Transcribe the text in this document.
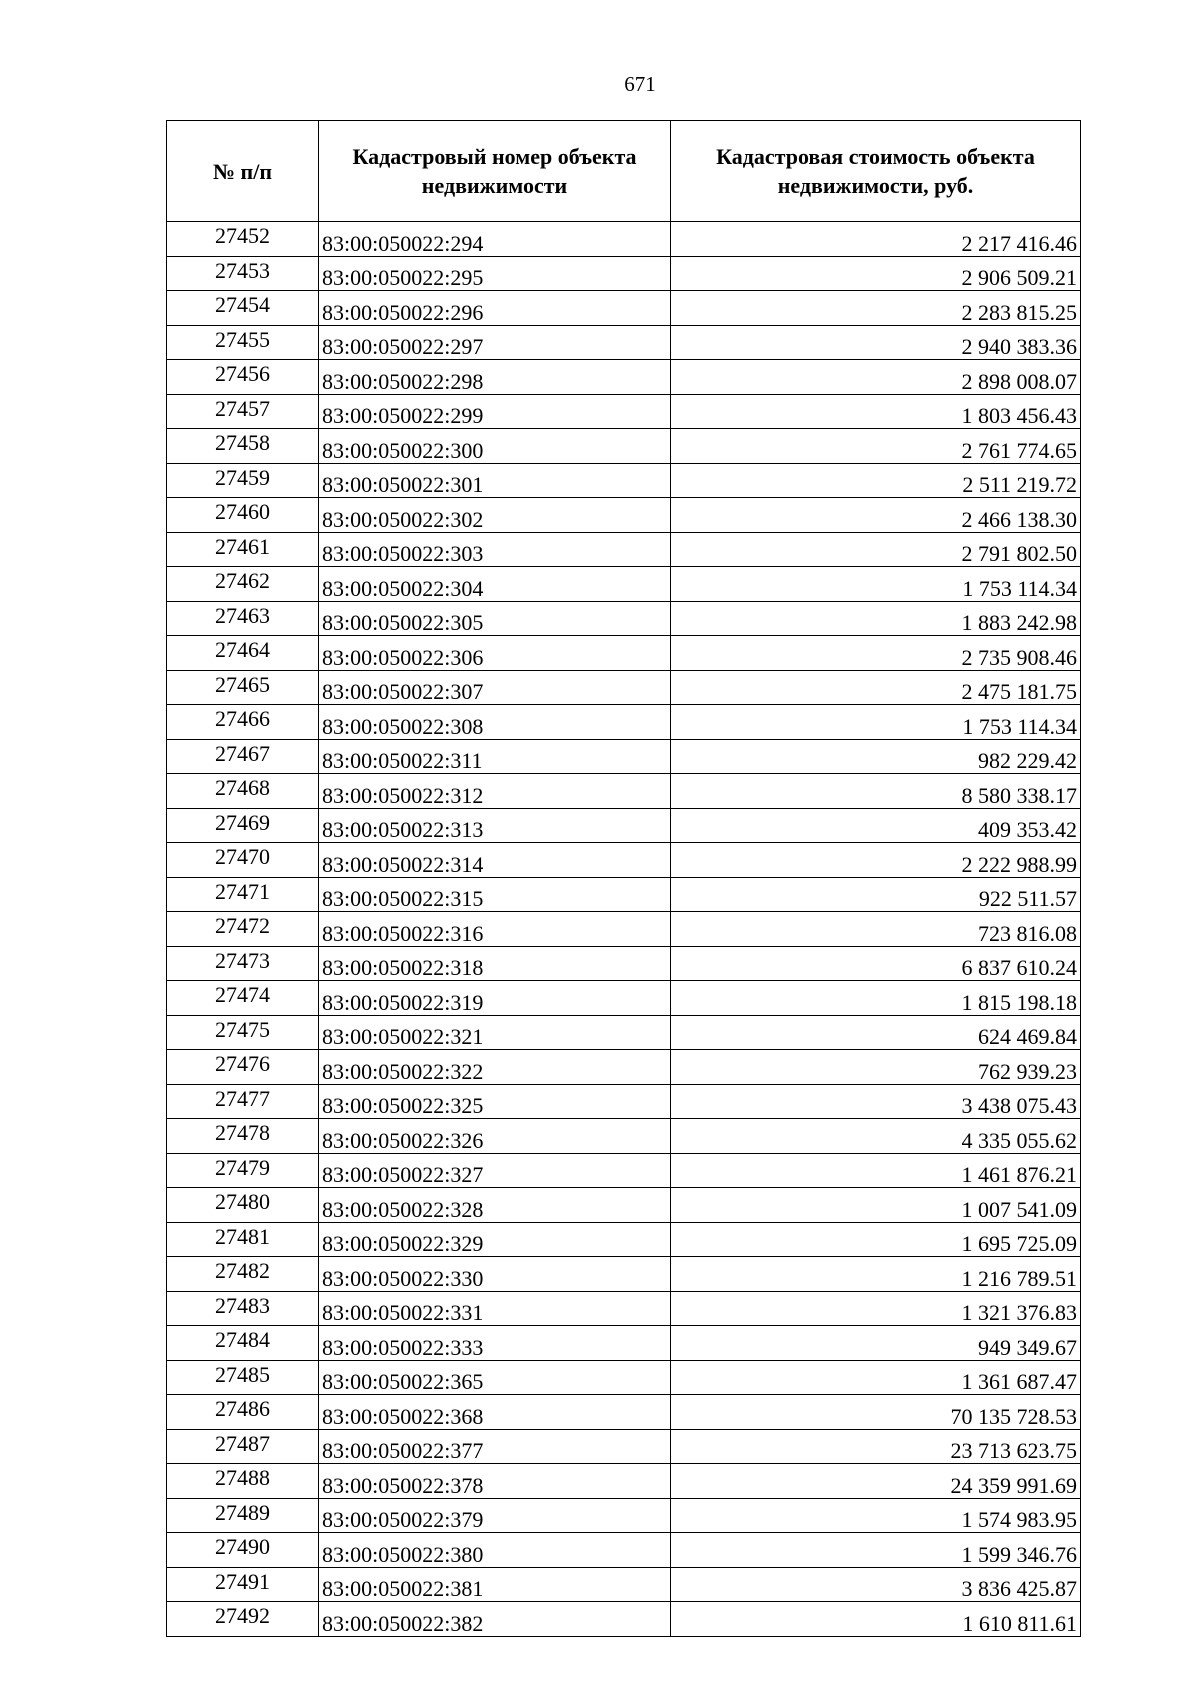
671
№ п/п	Кадастровый номер объекта недвижимости	Кадастровая стоимость объекта недвижимости, руб.
27452	83:00:050022:294	2 217 416.46
27453	83:00:050022:295	2 906 509.21
27454	83:00:050022:296	2 283 815.25
27455	83:00:050022:297	2 940 383.36
27456	83:00:050022:298	2 898 008.07
27457	83:00:050022:299	1 803 456.43
27458	83:00:050022:300	2 761 774.65
27459	83:00:050022:301	2 511 219.72
27460	83:00:050022:302	2 466 138.30
27461	83:00:050022:303	2 791 802.50
27462	83:00:050022:304	1 753 114.34
27463	83:00:050022:305	1 883 242.98
27464	83:00:050022:306	2 735 908.46
27465	83:00:050022:307	2 475 181.75
27466	83:00:050022:308	1 753 114.34
27467	83:00:050022:311	982 229.42
27468	83:00:050022:312	8 580 338.17
27469	83:00:050022:313	409 353.42
27470	83:00:050022:314	2 222 988.99
27471	83:00:050022:315	922 511.57
27472	83:00:050022:316	723 816.08
27473	83:00:050022:318	6 837 610.24
27474	83:00:050022:319	1 815 198.18
27475	83:00:050022:321	624 469.84
27476	83:00:050022:322	762 939.23
27477	83:00:050022:325	3 438 075.43
27478	83:00:050022:326	4 335 055.62
27479	83:00:050022:327	1 461 876.21
27480	83:00:050022:328	1 007 541.09
27481	83:00:050022:329	1 695 725.09
27482	83:00:050022:330	1 216 789.51
27483	83:00:050022:331	1 321 376.83
27484	83:00:050022:333	949 349.67
27485	83:00:050022:365	1 361 687.47
27486	83:00:050022:368	70 135 728.53
27487	83:00:050022:377	23 713 623.75
27488	83:00:050022:378	24 359 991.69
27489	83:00:050022:379	1 574 983.95
27490	83:00:050022:380	1 599 346.76
27491	83:00:050022:381	3 836 425.87
27492	83:00:050022:382	1 610 811.61
